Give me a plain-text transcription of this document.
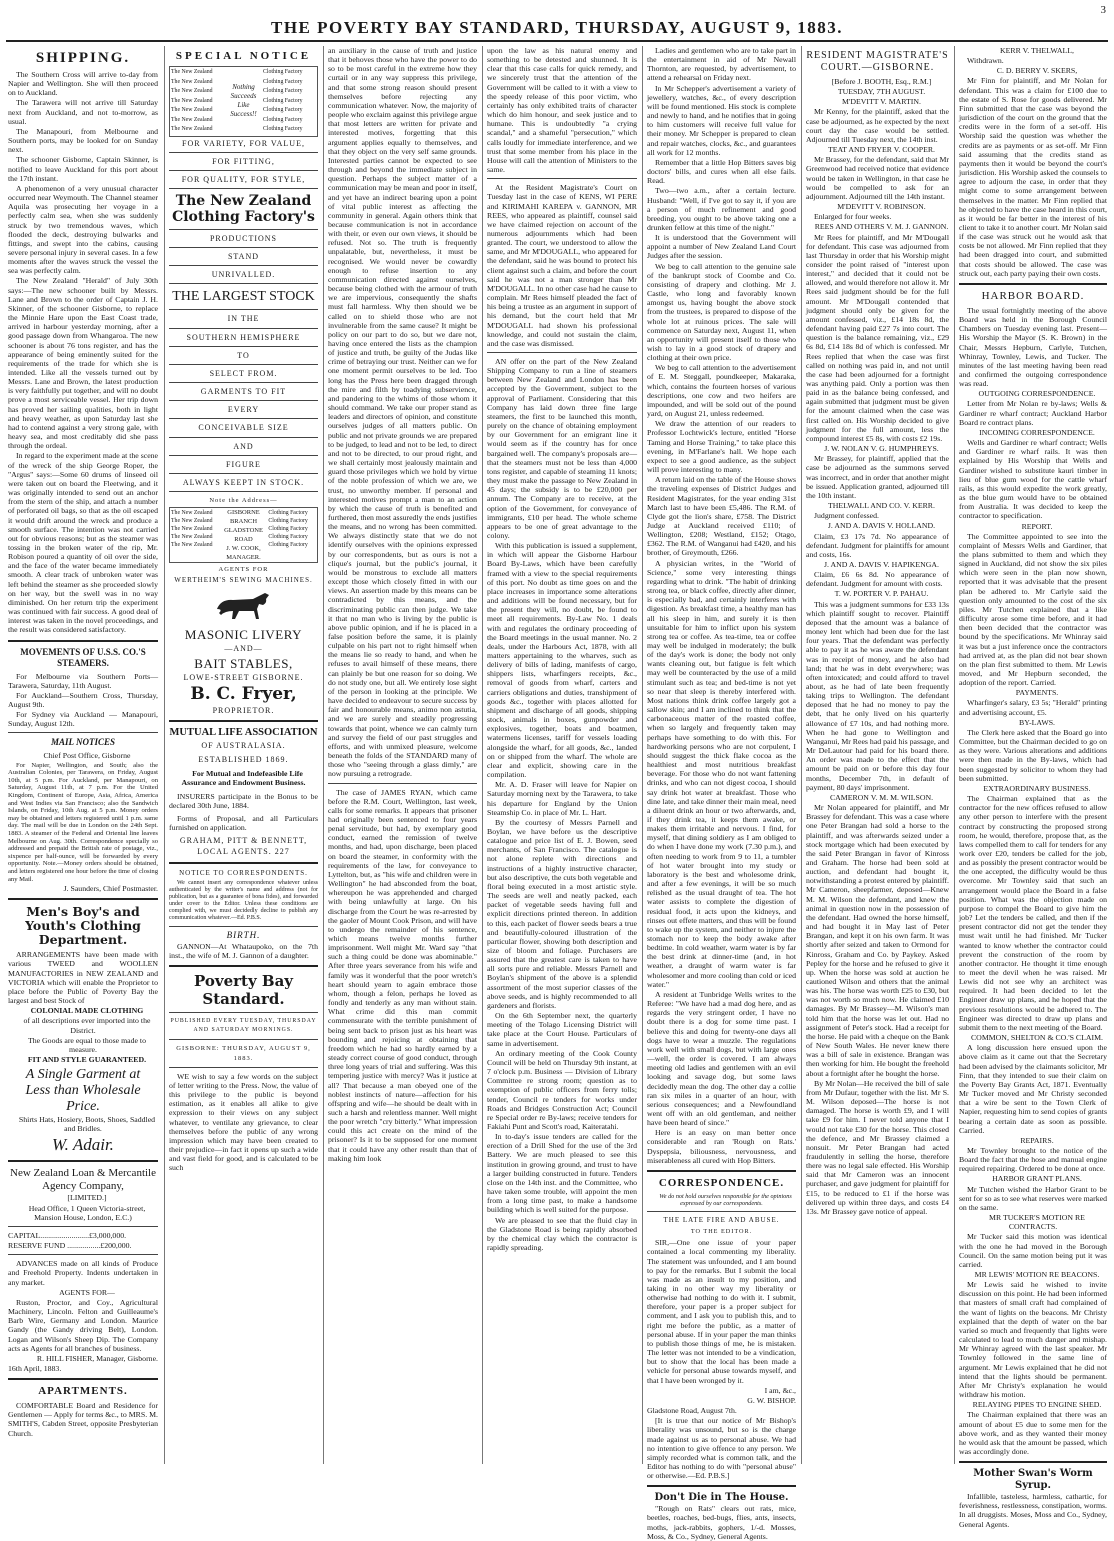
THE POVERTY BAY STANDARD, THURSDAY, AUGUST 9, 1883.
3
SHIPPING.

The Southern Cross will arrive to-day from Napier and Wellington. She will then proceed on to Auckland.

The Tarawera will not arrive till Saturday next from Auckland, and not to-morrow, as usual.

The Manapouri, from Melbourne and Southern ports, may be looked for on Sunday next.

The schooner Gisborne, Captain Skinner, is notified to leave Auckland for this port about the 17th instant.

A phenomenon of a very unusual character occurred near Weymouth. The Channel steamer Aquila was prosecuting her voyage in a perfectly calm sea, when she was suddenly struck by two tremendous waves, which flooded the deck, destroying bulwarks and fittings, and swept into the cabins, causing severe personal injury in several cases. In a few moments after the waves struck the vessel the sea was perfectly calm.

The New Zealand "Herald" of July 30th says:—The new schooner built by Messrs. Lane and Brown to the order of Captain J. H. Skinner, of the schooner Gisborne, to replace the Minnie Hare upon the East Coast trade, arrived in harbour yesterday morning, after a good passage down from Whangaroa. The new schooner is about 76 tons register, and has the appearance of being eminently suited for the requirements of the trade for which she is intended. Like all the vessels turned out by Messrs. Lane and Brown, the latest production is very faithfully put together, and will no doubt prove a most serviceable vessel. Her trip down has proved her sailing qualities, both in light and heavy weather, as upon Saturday last she had to contend against a very strong gale, with heavy sea, and most creditably did she pass through the ordeal.

In regard to the experiment made at the scene of the wreck of the ship George Roper, the "Argus" says:—Some 60 drums of linseed oil were taken out on board the Fleetwing, and it was originally intended to send out an anchor from the stern of the ship, and attach a number of perforated oil bags, so that as the oil escaped it would drift around the wreck and produce a smooth surface. The intention was not carried out for obvious reasons; but as the steamer was tossing in the broken water of the rip, Mr. Robison poured a quantity of oil over the side, and the face of the water became immediately smooth. A clear track of unbroken water was left behind the steamer as she proceeded slowly on her way, but the swell was in no way diminished. On her return trip the experiment was continued with fair success. A good deal of interest was taken in the novel proceedings, and the result was considered satisfactory.

MOVEMENTS OF U.S.S. CO.'S STEAMERS.

For Melbourne via Southern Ports—Tarawera, Saturday, 11th August.

For Auckland—Southern Cross, Thursday, August 9th.

For Sydney via Auckland — Manapouri, Sunday, August 12th.

MAIL NOTICES

Chief Post Office, Gisborne

For Napier, Wellington, and South; also the Australian Colonies, per Tarawera, on Friday, August 10th, at 5 p.m. For Auckland, per Manapouri, on Saturday, August 11th, at 7 p.m. For the United Kingdom, Continent of Europe, Asia, Africa, America and West Indies via San Francisco; also the Sandwich Islands, on Friday, 10th Aug. at 5 p.m. Money orders may be obtained and letters registered until 1 p.m. same day. The mail will be due in London on the 24th Sept. 1883. A steamer of the Federal and Oriental line leaves Melbourne on Aug. 30th. Correspondence specially so addressed and prepaid the British rate of postage, viz., sixpence per half-ounce, will be forwarded by every opportunity. Note.—Money orders should be obtained, and letters registered one hour before the time of closing any Mail.

J. Saunders, Chief Postmaster.

Men's Boy's and Youth's Clothing Department.

ARRANGEMENTS have been made with various TWEED and WOOLLEN MANUFACTORIES in NEW ZEALAND and VICTORIA which will enable the Proprietor to place before the Public of Poverty Bay the largest and best Stock of

COLONIAL MADE CLOTHING

of all descriptions ever imported into the District.

The Goods are equal to those made to measure.

FIT AND STYLE GUARANTEED.

A Single Garment at
Less than Wholesale
Price.

Shirts Hats, Hosiery, Boots, Shoes, Saddled and Bridles.

W. Adair.
New Zealand Loan & Mercantile Agency Company,

[LIMITED.]

Head Office, 1 Queen Victoria-street, Mansion House, London, E.C.)

CAPITAL.........................£3,000,000.

RESERVE FUND .................£200,000.

ADVANCES made on all kinds of Produce and Freehold Property. Indents undertaken in any market.

AGENTS FOR—

Ruston, Proctor, and Coy., Agricultural Machinery, Lincoln. Felton and Guilleaume's Barb Wire, Germany and London. Maurice Gandy (the Gandy driving Belt), London. Logan and Wilson's Sheep Dip. The Company acts as Agents for all branches of business.

R. HILL FISHER, Manager, Gisborne.

16th April, 1883.

APARTMENTS.

COMFORTABLE Board and Residence for Gentlemen — Apply for terms &c., to MRS. M. SMITH'S, Cabden Street, opposite Presbyterian Church.

SPECIAL NOTICE
The New Zealand
The New Zealand
The New Zealand
The New Zealand
The New Zealand
The New Zealand
The New Zealand
Nothing Succeeds Like Success!!
Clothing Factory
Clothing Factory
Clothing Factory
Clothing Factory
Clothing Factory
Clothing Factory
Clothing Factory
FOR VARIETY, FOR VALUE,
FOR FITTING,
FOR QUALITY, FOR STYLE,
The New Zealand
Clothing Factory's
PRODUCTIONS
STAND
UNRIVALLED.
THE LARGEST STOCK
IN THE
SOUTHERN HEMISPHERE
TO
SELECT FROM.
GARMENTS TO FIT
EVERY
CONCEIVABLE SIZE
AND
FIGURE
ALWAYS KEEPT IN STOCK.
Note the Address—
The New Zealand
The New Zealand
The New Zealand
The New Zealand
The New Zealand
GISBORNE BRANCH
GLADSTONE ROAD
J. W. COOK, MANAGER.
Clothing Factory
Clothing Factory
Clothing Factory
Clothing Factory
Clothing Factory
AGENTS FOR
WERTHEIM'S SEWING MACHINES.
MASONIC LIVERY
—AND—
BAIT STABLES,
LOWE-STREET GISBORNE.
B. C. Fryer,
PROPRIETOR.
MUTUAL LIFE ASSOCIATION
OF AUSTRALASIA.
ESTABLISHED 1869.

For Mutual and Indefeasible Life Assurance and Endowment Business.

INSURERS participate in the Bonus to be declared 30th June, 1884.

Forms of Proposal, and all Particulars furnished on application.

GRAHAM, PITT & BENNETT,
LOCAL AGENTS. 227
NOTICE TO CORRESPONDENTS.

We cannot insert any correspondence whatever unless authenticated by the writer's name and address (not for publication, but as a guarantee of bona fides), and forwarded under cover to the Editor. Unless these conditions are complied with, we must decidedly decline to publish any communication whatever.—Ed. P.B.S.

BIRTH.

GANNON—At Whataupoko, on the 7th inst., the wife of M. J. Gannon of a daughter.

Poverty Bay Standard.
PUBLISHED EVERY TUESDAY, THURSDAY AND SATURDAY MORNINGS.
GISBORNE: THURSDAY, AUGUST 9, 1883.

WE wish to say a few words on the subject of letter writing to the Press. Now, the value of this privilege to the public is beyond estimation, as it enables all alike to give expression to their views on any subject whatever, to ventilate any grievance, to clear themselves before the public of any wrong impression which may have been created to their prejudice—in fact it opens up such a wide and vast field for good, and is calculated to be such

an auxiliary in the cause of truth and justice that it behoves those who have the power to do so to be most careful in the extreme how they curtail or in any way suppress this privilege, and that some strong reason should present themselves before rejecting any communication whatever. Now, the majority of people who exclaim against this privilege argue that most letters are written for private and interested motives, forgetting that this argument applies equally to themselves, and that they object on the very self same grounds. Interested parties cannot be expected to see through and beyond the immediate subject in question. Perhaps the subject matter of a communication may be mean and poor in itself, and yet have an indirect bearing upon a point of vital public interest as affecting the community in general. Again others think that because communication is not in accordance with their, or even our own views, it should be refused. Not so. The truth is frequently unpalatable, but, nevertheless, it must be recognised. We would never be cowardly enough to refuse insertion to any communication directed against ourselves, because being clothed with the armour of truth we are impervious, consequently the shafts must fall harmless. Why then should we be called on to shield those who are not invulnerable from the same cause? It might be policy on our part to do so, but we dare not, having once entered the lists as the champion of justice and truth, be guilty of the Judas like crime of betraying our trust. Neither can we for one moment permit ourselves to be led. Too long has the Press here been dragged through the mire and filth by toadying subservience, and pandering to the whims of those whom it should command. We take our proper stand as leaders and directors of opinion, and constitute ourselves judges of all matters public. On public and not private grounds we are prepared to be judged, to lead and not to be led, to direct and not to be directed, to our proud right, and we shall certainly most jealously maintain and guard those privileges which we hold by virtue of the noble profession of which we are, we trust, no unworthy member. If personal and interested motives prompt a man to an action by which the cause of truth is benefited and furthered, then most assuredly the ends justifies the means, and no wrong has been committed. We always distinctly state that we do not identify ourselves with the opinions expressed by our correspondents, but as ours is not a clique's journal, but the public's journal, it would be monstrous to exclude all matters except those which closely fitted in with our views. An assertion made by this means can be contradicted by this means, and the discriminating public can then judge. We take it that no man who is living by the public is above public opinion, and if he is placed in a false position before the same, it is plainly culpable on his part not to right himself when the means lie so ready to hand, and when he refuses to avail himself of these means, there can plainly be but one reason for so doing. We do not study one, but all. We entirely lose sight of the person in looking at the principle. We have decided to endeavour to secure success by fair and honourable means, animo non astutia, and we are surely and steadily progressing towards that point, whence we can calmly turn and survey the field of our past struggles and efforts, and with unmixed pleasure, welcome beneath the folds of the STANDARD many of those who "seeing through a glass dimly," are now pursuing a retrograde.

The case of JAMES RYAN, which came before the R.M. Court, Wellington, last week, calls for some remarks. It appears that prisoner had originally been sentenced to four years penal servitude, but had, by exemplary good conduct, earned the remission of twelve months, and had, upon discharge, been placed on board the steamer, in conformity with the requirements of the law, for conveyance to Lyttelton, but, as "his wife and children were in Wellington" he had absconded from the boat, whereupon he was apprehended and charged with being unlawfully at large. On his discharge from the Court he was re-arrested by the gaoler of Mount Cook Prison, and will have to undergo the remainder of his sentence, which means twelve months further imprisonment. Well might Mr. Ward say "that such a thing could be done was abominable." After three years severance from his wife and family was it wonderful that the poor wretch's heart should yearn to again embrace those whom, though a felon, perhaps he loved as fondly and tenderly as any man without stain. What crime did this man commit commensurate with the terrible punishment of being sent back to prison just as his heart was bounding and rejoicing at obtaining that freedom which he had so hardly earned by a steady correct course of good conduct, through three long years of trial and suffering. Was this tempering justice with mercy? Was it justice at all? That because a man obeyed one of the noblest instincts of nature—affection for his offspring and wife—he should be dealt with in such a harsh and relentless manner. Well might the poor wretch "cry bitterly." What impression could this act create on the mind of the prisoner? Is it to be supposed for one moment that it could have any other result than that of making him look

upon the law as his natural enemy and something to be detested and shunned. It is clear that this case calls for quick remedy, and we sincerely trust that the attention of the Government will be called to it with a view to the speedy release of this poor victim, who certainly has only exhibited traits of character which do him honour, and seek justice and to humane. This is undoubtedly "a crying scandal," and a shameful "persecution," which calls loudly for immediate interference, and we trust that some member from his place in the House will call the attention of Ministers to the same.

At the Resident Magistrate's Court on Tuesday last in the case of KENS, WI PERE and KIRIMAHI KAREPA v. GANNON, MR REES, who appeared as plaintiff, counsel said we have claimed rejection on account of the numerous adjournments which had been granted. The court, we understood to allow the same, and Mr M'DOUGALL, who appeared for the defendant, said he was bound to protect his client against such a claim, and before the court said he was not a man stronger than Mr M'DOUGALL. In no other case had he cause to complain. Mr Rees himself pleaded the fact of his being a trustee as an argument in support of his demand, but the court held that Mr M'DOUGALL had shown his professional knowledge, and could not sustain the claim, and the case was dismissed.

AN offer on the part of the New Zealand Shipping Company to run a line of steamers between New Zealand and London has been accepted by the Government, subject to the approval of Parliament. Considering that this Company has laid down three fine large steamers, the first to be launched this month, purely on the chance of obtaining employment by our Government for an emigrant line it would seem as if the country has for once bargained well. The company's proposals are—that the steamers must not be less than 4,000 tons register, and capable of steaming 11 knots; they must make the passage to New Zealand in 45 days; the subsidy is to be £20,000 per annum. The Company are to receive, at the option of the Government, for conveyance of immigrants, £10 per head. The whole scheme appears to be one of great advantage to the colony.

With this publication is issued a supplement, in which will appear the Gisborne Harbour Board By-Laws, which have been carefully framed with a view to the special requirements of this port. No doubt as time goes on and the place increases in importance some alterations and additions will be found necessary, but for the present they will, no doubt, be found to meet all requirements. By-Law No. 1 deals with and regulates the ordinary proceeding of the Board meetings in the usual manner. No. 2 deals, under the Harbours Act, 1878, with all matters appertaining to the wharves, such as delivery of bills of lading, manifests of cargo, shippers lists, wharfingers receipts, &c., removal of goods from wharf, carters and carriers obligations and duties, transhipment of goods &c., together with places allotted for shipment and discharge of all goods, shipping stock, animals in boxes, gunpowder and explosives, together, boats and boatmen, watermens licenses, tariff for vessels loading alongside the wharf, for all goods, &c., landed on or shipped from the wharf. The whole are clear and explicit, showing care in the compilation.

Mr. A. D. Fraser will leave for Napier on Saturday morning next by the Tarawera, to take his departure for England by the Union Steamship Co. in place of Mr. L. Hart.

By the courtesy of Messrs Parnell and Boylan, we have before us the descriptive catalogue and price list of E. J. Bowen, seed merchants, of San Francisco. The catalogue is not alone replete with directions and instructions of a highly instructive character, but also descriptive, the cuts both vegetable and floral being executed in a most artistic style. The seeds are well and neatly packed, each packet of vegetable seeds having full and explicit directions printed thereon. In addition to this, each packet of flower seeds bears a true and beautifully-coloured illustration of the particular flower, showing both description and size of bloom and foliage. Purchasers are assured that the greatest care is taken to have all sorts pure and reliable. Messrs Parnell and Boylan's shipment of the above is a splendid assortment of the most superior classes of the above seeds, and is highly recommended to all gardeners and florists.

On the 6th September next, the quarterly meeting of the Tolago Licensing District will take place at the Court House. Particulars of same in advertisement.

An ordinary meeting of the Cook County Council will be held on Thursday 9th instant, at 7 o'clock p.m. Business — Division of Library Committee re strong room; question as to exemption of public officers from ferry tolls; tender, Council re tenders for works under Roads and Bridges Construction Act; Council re Special order re By-laws; receive tenders for Fakiahi Punt and Scott's road, Kaiteratahi.

In to-day's issue tenders are called for the erection of a Drill Shed for the use of the 3rd Battery. We are much pleased to see this institution in growing ground, and trust to have a larger building constructed in future. Tenders close on the 14th inst. and the Committee, who have taken some trouble, will appoint the men from a long time past, to make a handsome building which is well suited for the purpose.

We are pleased to see that the fluid clay in the Gladstone Road is being rapidly absorbed by the chemical clay which the contractor is rapidly spreading.

Ladies and gentlemen who are to take part in the entertainment in aid of Mr Newall Thornton, are requested, by advertisement, to attend a rehearsal on Friday next.

In Mr Schepper's advertisement a variety of jewellery, watches, &c., of every description will be found mentioned. His stock is complete and newly to hand, and he notifies that in going to him customers will receive full value for their money. Mr Schepper is prepared to clean and repair watches, clocks, &c., and guarantees all work for 12 months.

Remember that a little Hop Bitters saves big doctors' bills, and cures when all else fails. Read.

Two—two a.m., after a certain lecture. Husband: "Well, if I've got to say it, if you are a person of much refinement and good breeding, you ought to be above taking one a drunken fellow at this time of the night."

It is understood that the Government will appoint a number of New Zealand Land Court Judges after the session.

We beg to call attention to the genuine sale of the bankrupt stock of Coombe and Co. consisting of drapery and clothing. Mr J. Castle, who long and favorably known amongst us, having bought the above stock from the trustees, is prepared to dispose of the whole lot at ruinous prices. The sale will commence on Saturday next, August 11, when an opportunity will present itself to those who wish to lay in a good stock of drapery and clothing at their own price.

We beg to call attention to the advertisement of E. M. Steggall, poundkeeper, Makaraka, which, contains the fourteen horses of various descriptions, one cow and two heifers are impounded, and will be sold out of the pound yard, on August 21, unless redeemed.

We draw the attention of our readers to Professor Lochtwick's lecture, entitled "Horse Taming and Horse Training," to take place this evening, in M'Farlane's hall. We hope each expect to see a good audience, as the subject will prove interesting to many.

A return laid on the table of the House shows the traveling expenses of District Judges and Resident Magistrates, for the year ending 31st March last to have been £5,486. The R.M. of Clyde got the lion's share, £758. The District Judge at Auckland received £110; of Wellington, £208; Westland, £152; Otago, £362. The R.M. of Wanganui had £420, and his brother, of Greymouth, £266.

A physician writes, in the "World of Science," some very interesting things regarding what to drink. "The habit of drinking strong tea, or black coffee, directly after dinner, is especially bad, and certainly interferes with digestion. As breakfast time, a healthy man has all his sleep in him, and surely it is then unsuitable for him to inflict upon his system strong tea or coffee. As tea-time, tea or coffee may well be indulged in moderately; the bulk of the day's work is done; the body not only wants cleaning out, but fatigue is felt which may well be counteracted by the use of a mild stimulant such as tea; and bed-time is not yet so near that sleep is thereby interfered with. Most nations think drink coffee largely got a sallow skin; and I am inclined to think that the carbonaceous matter of the roasted coffee, when so largely and frequently taken may perhaps have something to do with this. For hardworking persons who are not corpulent, I should suggest the thick flake cocoa as the healthiest and most nutritious breakfast beverage. For those who do not want fattening drinks, and who can not digest cocoa, I should say drink hot water at breakfast. Those who dine late, and take dinner their main meal, need a diluent drink an hour or two afterwards, and, if they drink tea, it keeps them awake, or makes them irritable and nervous. I find, for myself, that dining soldiery as I am obliged to do when I have done my work (7.30 p.m.), and often needing to work from 9 to 11, a tumbler of hot water brought into my study or laboratory is the best and wholesome drink, and after a few evenings, it will be so much relished as the usual draught of tea. The hot water assists to complete the digestion of residual food, it acts upon the kidneys, and rinses out effete matters, and thus will be found to wake up the system, and neither to injure the stomach nor to keep the body awake after bedtime. In cold weather, warm water is by far the best drink at dinner-time (and, in hot weather, a draught of warm water is far wholesomer and more cooling than cold or iced water."

A resident at Tunbridge Wells writes to the Referee: "We have had a mad dog here, and as regards the very stringent order, I have no doubt there is a dog for some time past. I believe this and doing for twenty-one days all dogs have to wear a muzzle. The regulations work well with small dogs, but with large ones—well, the order is covered. I am always meeting old ladies and gentlemen with an evil looking and savage dog, but some laws decidedly mean the dog. The other day a collie ran six miles in a quarter of an hour, with serious consequences; and a Newfoundland went off with an old gentleman, and neither have been heard of since."

Here is an easy on man better once considerable and ran 'Rough on Rats.' Dyspepsia, biliousness, nervousness, and miserableness all cured with Hop Bitters.

CORRESPONDENCE.

We do not hold ourselves responsible for the opinions expressed by our correspondents.

THE LATE FIRE AND ABUSE.
TO THE EDITOR.

SIR,—One one issue of your paper contained a local commenting my liberality. The statement was unfounded, and I am bound to pay for the remarks. But I submit the local was made as an insult to my position, and taking in no other way my liberality or otherwise had nothing to do with it. I submit, therefore, your paper is a proper subject for comment, and I ask you to publish this, and to right me before the public, as a matter of personal abuse. If in your paper the man thinks to publish those things of me, he is mistaken. The letter was not intended to be a vindication, but to show that the local has been made a vehicle for personal abuse towards myself, and that I have been wronged by it.

I am, &c.,

G. W. BISHOP.

Gladstone Road, August 7th.

[It is true that our notice of Mr Bishop's liberality was unsound, but so is the charge made against us as to personal abuse. We had no intention to give offence to any person. We simply recorded what is common talk, and the Editor has nothing to do with "personal abuse" or otherwise.—Ed. P.B.S.]

Don't Die in The House.

"Rough on Rats" clears out rats, mice, beetles, roaches, bed-bugs, flies, ants, insects, moths, jack-rabbits, gophers, 1/-d. Mosses, Moss, & Co., Sydney, General Agents.

RESIDENT MAGISTRATE'S COURT.—GISBORNE.

[Before J. BOOTH, Esq., R.M.]

TUESDAY, 7TH AUGUST.

M'DEVITT V. MARTIN.

Mr Kenny, for the plaintiff, asked that the case be adjourned, as he expected by the next court day the case would be settled. Adjourned till Tuesday next, the 14th inst.

TEAT AND FRYER V. COOPER.

Mr Brassey, for the defendant, said that Mr Greenwood had received notice that evidence would be taken in Wellington, in that case he would be compelled to ask for an adjournment. Adjourned till the 14th instant.

M'DEVITT V. ROBINSON.

Enlarged for four weeks.

REES AND OTHERS V. M. J. GANNON.

Mr Rees for plaintiff, and Mr M'Dougall for defendant. This case was adjourned from last Thursday in order that his Worship might consider the point raised of "interest upon interest," and decided that it could not be allowed, and would therefore not allow it. Mr Rees said judgment should be for the full amount. Mr M'Dougall contended that judgment should only be given for the amount confessed, viz., £14 18s 8d, the defendant having paid £27 7s into court. The question is the balance remaining, viz., £29 6s 8d, £14 18s 8d of which is confessed. Mr Rees replied that when the case was first called on nothing was paid in, and not until the case had been adjourned for a fortnight was anything paid. Only a portion was then paid in as the balance being confessed, and again submitted that judgment must be given for the amount claimed when the case was first called on. His Worship decided to give judgment for the full amount, less the compound interest £5 8s, with costs £2 19s.

J. W. NOLAN V. G. HUMPHREYS.

Mr Brassey, for plaintiff, applied that the case be adjourned as the summons served was incorrect, and in order that another might be issued. Application granted, adjourned till the 10th instant.

THELWALL AND CO. V. KERR.

Judgment confessed.

J. AND A. DAVIS V. HOLLAND.

Claim, £3 17s 7d. No appearance of defendant. Judgment for plaintiffs for amount and costs, 16s.

J. AND A. DAVIS V. HAPIKENGA.

Claim, £6 6s 8d. No appearance of defendant. Judgment for amount with costs.

T. W. PORTER V. P. PAHAU.

This was a judgment summons for £33 13s which plaintiff sought to recover. Plaintiff deposed that the amount was a balance of money lent which had been due for the last four years. That the defendant was perfectly able to pay it as he was aware the defendant was in receipt of money, and he also had land; that he was in debt everywhere; was often intoxicated; and could afford to travel about, as he had of late been frequently taking trips to Wellington. The defendant deposed that he had no money to pay the debt, that he only lived on his quarterly allowance of £7 10s, and had nothing more. When he had gone to Wellington and Wanganui, Mr Rees had paid his passage, and Mr DeLautour had paid for his board there. An order was made to the effect that the amount be paid on or before this day four months, December 7th, in default of payment, 80 days' imprisonment.

CAMERON V. M. M. WILSON.

Mr Nolan appeared for plaintiff, and Mr Brassey for defendant. This was a case where one Peter Brangan had sold a horse to the plaintiff, and was afterwards seized under a stock mortgage which had been executed by the said Peter Brangan in favor of Kinross and Graham. The horse had been sold at auction, and defendant had bought it, notwithstanding a protest entered by plaintiff. Mr Cameron, sheepfarmer, deposed—Knew M. M. Wilson the defendant, and knew the animal in question now in the possession of the defendant. Had owned the horse himself, and had bought it in May last of Peter Brangan, and kept it on his own farm. It was shortly after seized and taken to Ormond for Kinross, Graham and Co. by Paykey. Asked Pepley for the horse and he refused to give it up. When the horse was sold at auction he cautioned Wilson and others that the animal was his. The horse was worth £25 to £30, but was not worth so much now. He claimed £10 damages. By Mr Brassey—M. Wilson's man told him that the horse was let out. Had no assignment of Peter's stock. Had a receipt for the horse. He paid with a cheque on the Bank of New South Wales. He never knew there was a bill of sale in existence. Brangan was then working for him. He bought the freehold about a fortnight after he bought the horse.

By Mr Nolan—He received the bill of sale from Mr Dufaur, together with the list. Mr S. M. Wilson deposed—The horse is not damaged. The horse is worth £9, and I will take £9 for him. I never told anyone that I would not take £30 for the horse. This closed the defence, and Mr Brassey claimed a nonsuit. Mr Peter Brangan had acted fraudulently in selling the horse, therefore there was no legal sale effected. His Worship said that Mr Cameron was an innocent purchaser, and gave judgment for plaintiff for £15, to be reduced to £1 if the horse was delivered up within three days, and costs £4 13s. Mr Brassey gave notice of appeal.

KERR V. THELWALL,

Withdrawn.

C. D. BERRY V. SKERS,

Mr Finn for plaintiff, and Mr Nolan for defendant. This was a claim for £100 due to the estate of S. Rose for goods delivered. Mr Finn submitted that the case was beyond the jurisdiction of the court on the ground that the credits were in the form of a set-off. His Worship said the question was whether the credits are as payments or as set-off. Mr Finn said assuming that the credits stand as payments then it would be beyond the court's jurisdiction. His Worship asked the counsels to agree to adjourn the case, in order that they might come to some arrangement between themselves in the matter. Mr Finn replied that he objected to have the case heard in this court, as it would be far better in the interest of his client to take it to another court. Mr Nolan said if the case was struck out he would ask that costs be not allowed. Mr Finn replied that they had been dragged into court, and submitted that costs should be allowed. The case was struck out, each party paying their own costs.

HARBOR BOARD.

The usual fortnightly meeting of the above Board was held in the Borough Council Chambers on Tuesday evening last. Present—His Worship the Mayor (S. K. Brown) in the Chair, Messrs Hepburn, Carlyle, Tutchen, Whinray, Townley, Lewis, and Tucker. The minutes of the last meeting having been read and confirmed the outgoing correspondence was read.

OUTGOING CORRESPONDENCE.

Letter from Mr Nolan re by-laws; Wells & Gardiner re wharf contract; Auckland Harbor Board re contract plans.

INCOMING CORRESPONDENCE.

Wells and Gardiner re wharf contract; Wells and Gardiner re wharf rails. It was then explained by His Worship that Wells and Gardiner wished to substitute kauri timber in lieu of blue gum wood for the cattle wharf rails, as this would expedite the work greatly, as the blue gum would have to be obtained from Australia. It was decided to keep the contractor to specification.

REPORT.

The Committee appointed to see into the complaint of Messrs Wells and Gardiner, that the plans submitted to them and which they signed in Auckland, did not show the six piles which were seen in the plan now shown, reported that it was advisable that the present plan be adhered to. Mr Carlyle said the question only amounted to the cost of the six piles. Mr Tutchen explained that a like difficulty arose some time before, and it had then been decided that the contractor was bound by the specifications. Mr Whinray said it was but a just inference once the contractors had arrived at, as the plan did not bear shown on the plan first submitted to them. Mr Lewis moved, and Mr Hepburn seconded, the adoption of the report. Carried.

PAYMENTS.

Wharfinger's salary, £3 5s; "Herald" printing and advertising account, £5.

BY-LAWS.

The Clerk here asked that the Board go into Committee, but the Chairman decided to go on as they were. Various alterations and additions were then made in the By-laws, which had been suggested by solicitor to whom they had been submitted.

EXTRAORDINARY BUSINESS.

The Chairman explained that as the contractor for the new offices refused to allow any other person to interfere with the present contract by constructing the proposed strong room, he would, therefore, propose that, as the laws compelled them to call for tenders for any work over £20, tenders be called for the job, and as possibly the present contractor would be the one accepted, the difficulty would be thus overcome. Mr Townley said that such an arrangement would place the Board in a false position. What was the objection made on purpose to compel the Board to give him the job? Let the tenders be called, and then if the present contractor did not get the tender they must wait until he had finished. Mr Tucker wanted to know whether the contractor could prevent the construction of the room by another contractor. He thought it time enough to meet the devil when he was raised. Mr Lewis did not see why an architect was required. It had been decided to let the Engineer draw up plans, and he hoped that the previous resolutions would be adhered to. The Engineer was directed to draw up plans and submit them to the next meeting of the Board.

COMMON, SHELTON & CO.'S CLAIM.

A long discussion here ensued upon the above claim as it came out that the Secretary had been advised by the claimants solicitor, Mr Finn, that they intended to sue their claim on the Poverty Bay Grants Act, 1871. Eventually Mr Tucker moved and Mr Christy seconded that a wire be sent to the Town Clerk of Napier, requesting him to send copies of grants bearing a certain date as soon as possible. Carried.

REPAIRS.

Mr Townley brought to the notice of the Board the fact that the hose and manual engine required repairing. Ordered to be done at once.

HARBOR GRANT PLANS.

Mr Tutchen wished the Harbor Grant to be sent for so as to see what reserves were marked on the same.

MR TUCKER'S MOTION RE CONTRACTS.

Mr Tucker said this motion was identical with the one he had moved in the Borough Council. On the same motion being put it was carried.

MR LEWIS' MOTION RE BEACONS.

Mr Lewis said he wished to invite discussion on this point. He had been informed that masters of small craft had complained of the want of lights on the beacons. Mr Christy explained that the depth of water on the bar varied so much and frequently that lights were calculated to lead to much danger and mishap. Mr Whinray agreed with the last speaker. Mr Townley followed in the same line of argument. Mr Lewis explained that he did not intend that the lights should be permanent. After Mr Christy's explanation he would withdraw his motion.

RELAYING PIPES TO ENGINE SHED.

The Chairman explained that there was an amount of about £5 due to some men for the above work, and as they wanted their money he would ask that the amount be passed, which was accordingly done.

Mother Swan's Worm Syrup.

Infallible, tasteless, harmless, cathartic, for feverishness, restlessness, constipation, worms. In all druggists. Moses, Moss and Co., Sydney, General Agents.
